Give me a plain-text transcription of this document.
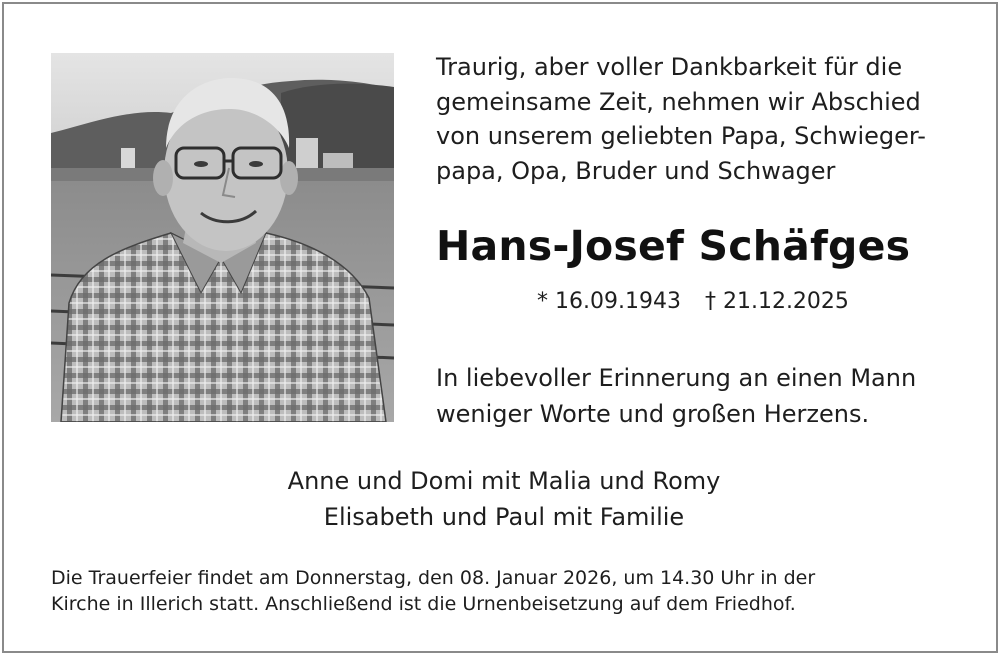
Traurig, aber voller Dankbarkeit für die
gemeinsame Zeit, nehmen wir Abschied
von unserem geliebten Papa, Schwieger-
papa, Opa, Bruder und Schwager
Hans-Josef Schäfges
* 16.09.1943 † 21.12.2025
In liebevoller Erinnerung an einen Mann
weniger Worte und großen Herzens.
Anne und Domi mit Malia und Romy
Elisabeth und Paul mit Familie
Die Trauerfeier findet am Donnerstag, den 08. Januar 2026, um 14.30 Uhr in der
Kirche in Illerich statt. Anschließend ist die Urnenbeisetzung auf dem Friedhof.
